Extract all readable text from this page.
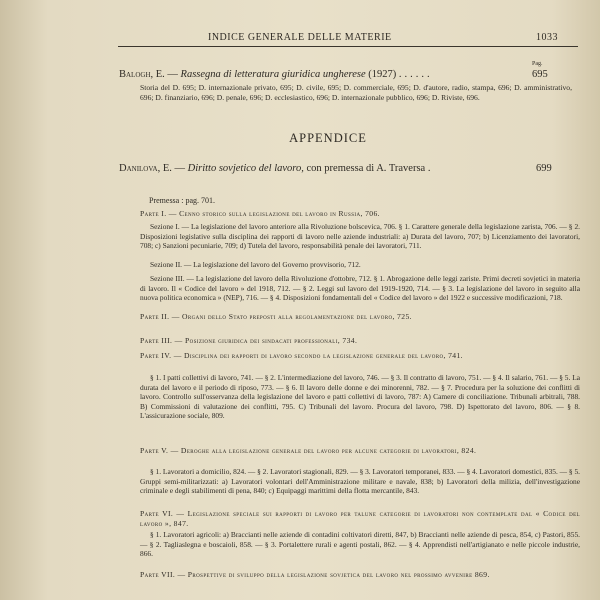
INDICE GENERALE DELLE MATERIE	1033
Pag.
Balogh, E. — Rassegna di letteratura giuridica ungherese (1927) ......	695
Storia del D. 695; D. internazionale privato, 695; D. civile, 695; D. commerciale, 695; D. d'autore, radio, stampa, 696; D. amministrativo, 696; D. finanziario, 696; D. penale, 696; D. ecclesiastico, 696; D. internazionale pubblico, 696; D. Riviste, 696.
APPENDICE
Danilova, E. — Diritto sovjetico del lavoro, con premessa di A. Traversa .	699
Premessa : pag. 701.
Parte I. — Cenno storico sulla legislazione del lavoro in Russia, 706.
Sezione I. — La legislazione del lavoro anteriore alla Rivoluzione bolscevica, 706. § 1. Carattere generale della legislazione zarista, 706. — § 2. Disposizioni legislative sulla disciplina dei rapporti di lavoro nelle aziende industriali: a) Durata del lavoro, 707; b) Licenziamento dei lavoratori, 708; c) Sanzioni pecuniarie, 709; d) Tutela del lavoro, responsabilità penale dei lavoratori, 711.
Sezione II. — La legislazione del lavoro del Governo provvisorio, 712.
Sezione III. — La legislazione del lavoro della Rivoluzione d'ottobre, 712. § 1. Abrogazione delle leggi zariste. Primi decreti sovjetici in materia di lavoro. Il « Codice del lavoro » del 1918, 712. — § 2. Leggi sul lavoro del 1919-1920, 714. — § 3. La legislazione del lavoro in seguito alla nuova politica economica » (NEP), 716. — § 4. Disposizioni fondamentali del « Codice del lavoro » del 1922 e successive modificazioni, 718.
Parte II. — Organi dello Stato preposti alla regolamentazione del lavoro, 725.
Parte III. — Posizione giuridica dei sindacati professionali, 734.
Parte IV. — Disciplina dei rapporti di lavoro secondo la legislazione generale del lavoro, 741.
§ 1. I patti collettivi di lavoro, 741. — § 2. L'intermediazione del lavoro, 746. — § 3. Il contratto di lavoro, 751. — § 4. Il salario, 761. — § 5. La durata del lavoro e il periodo di riposo, 773. — § 6. Il lavoro delle donne e dei minorenni, 782. — § 7. Procedura per la soluzione dei conflitti di lavoro. Controllo sull'osservanza della legislazione del lavoro e patti collettivi di lavoro, 787: A) Camere di conciliazione. Tribunali arbitrali, 788. B) Commissioni di valutazione dei conflitti, 795. C) Tribunali del lavoro. Procura del lavoro, 798. D) Ispettorato del lavoro, 806. — § 8. L'assicurazione sociale, 809.
Parte V. — Deroghe alla legislazione generale del lavoro per alcune categorie di lavoratori, 824.
§ 1. Lavoratori a domicilio, 824. — § 2. Lavoratori stagionali, 829. — § 3. Lavoratori temporanei, 833. — § 4. Lavoratori domestici, 835. — § 5. Gruppi semi-militarizzati: a) Lavoratori volontari dell'Amministrazione militare e navale, 838; b) Lavoratori della milizia, dell'investigazione criminale e degli stabilimenti di pena, 840; c) Equipaggi marittimi della flotta mercantile, 843.
Parte VI. — Legislazione speciale sui rapporti di lavoro per talune categorie di lavoratori non contemplate dal « Codice del lavoro », 847.
§ 1. Lavoratori agricoli: a) Braccianti nelle aziende di contadini coltivatori diretti, 847, b) Braccianti nelle aziende di pesca, 854, c) Pastori, 855. — § 2. Tagliaslegna e boscaioli, 858. — § 3. Portalettere rurali e agenti postali, 862. — § 4. Apprendisti nell'artigianato e nelle piccole industrie, 866.
Parte VII. — Prospettive di sviluppo della legislazione sovjetica del lavoro nel prossimo avvenire 869.
